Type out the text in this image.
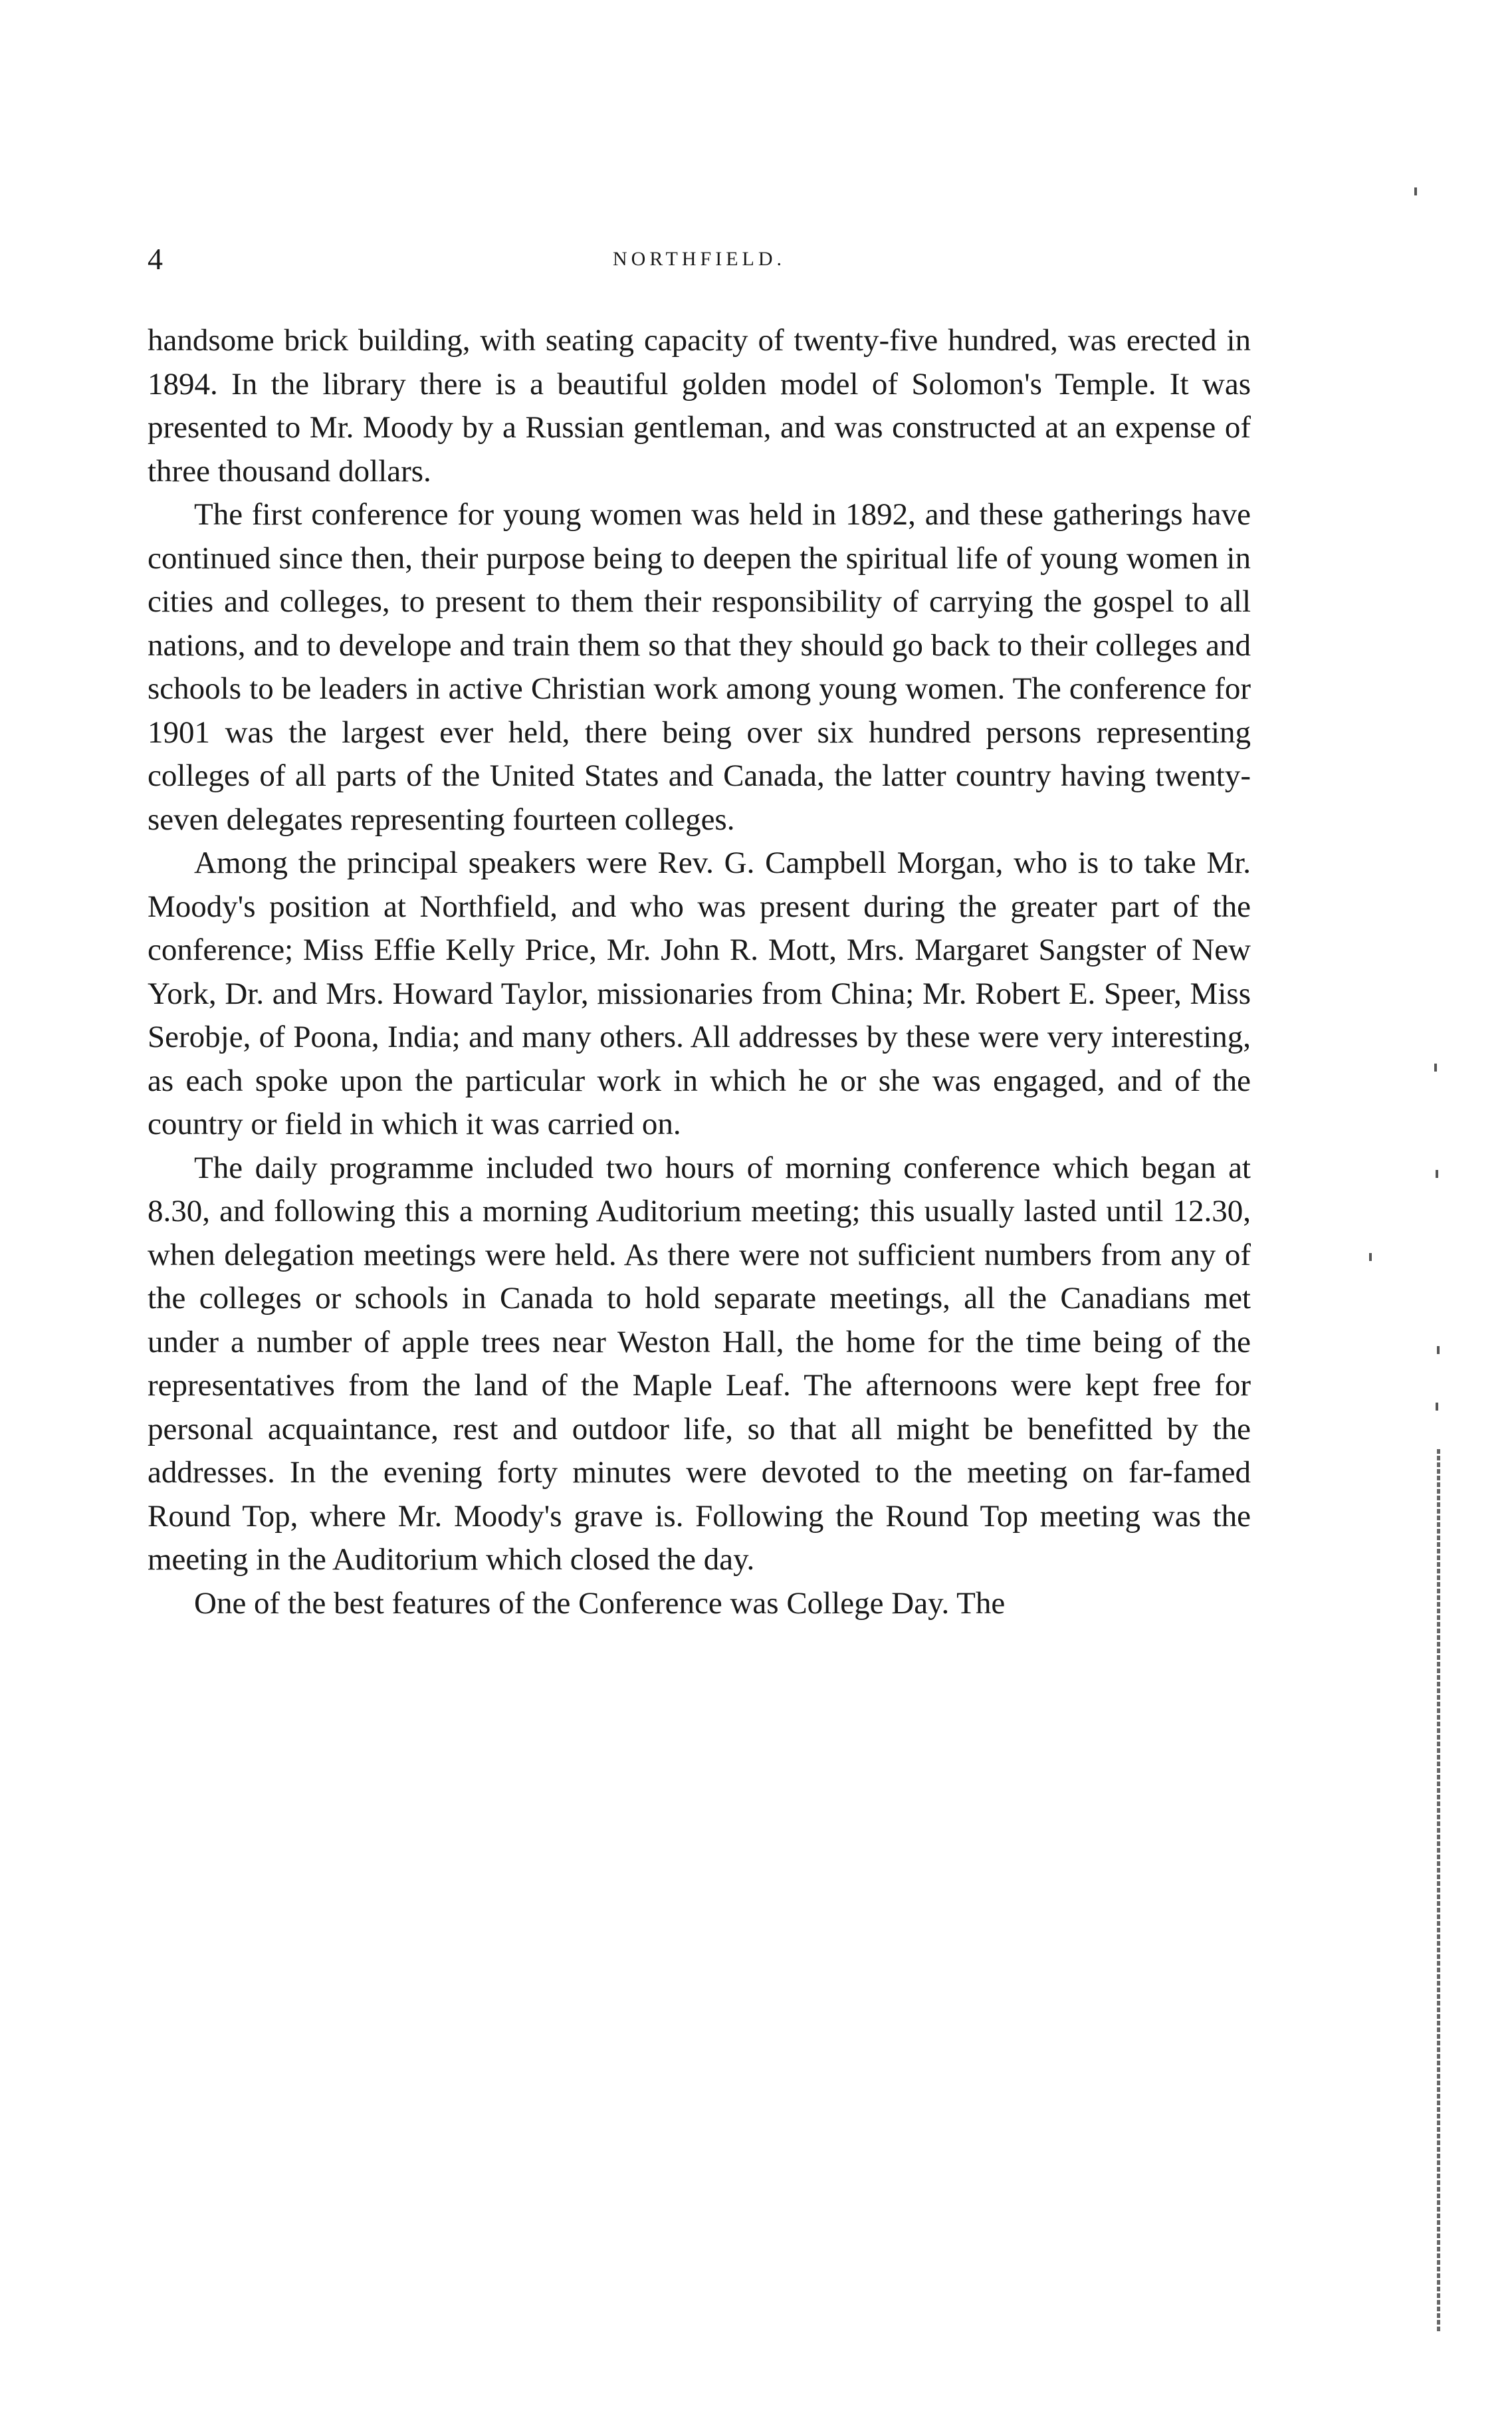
4	NORTHFIELD.

handsome brick building, with seating capacity of twenty-five hundred, was erected in 1894. In the library there is a beautiful golden model of Solomon's Temple. It was presented to Mr. Moody by a Russian gentleman, and was constructed at an expense of three thousand dollars.

The first conference for young women was held in 1892, and these gatherings have continued since then, their purpose being to deepen the spiritual life of young women in cities and colleges, to present to them their responsibility of carrying the gospel to all nations, and to develope and train them so that they should go back to their colleges and schools to be leaders in active Christian work among young women. The conference for 1901 was the largest ever held, there being over six hundred persons representing colleges of all parts of the United States and Canada, the latter country having twenty-seven delegates representing fourteen colleges.

Among the principal speakers were Rev. G. Campbell Morgan, who is to take Mr. Moody's position at Northfield, and who was present during the greater part of the conference; Miss Effie Kelly Price, Mr. John R. Mott, Mrs. Margaret Sangster of New York, Dr. and Mrs. Howard Taylor, missionaries from China; Mr. Robert E. Speer, Miss Serobje, of Poona, India; and many others. All addresses by these were very interesting, as each spoke upon the particular work in which he or she was engaged, and of the country or field in which it was carried on.

The daily programme included two hours of morning conference which began at 8.30, and following this a morning Auditorium meeting; this usually lasted until 12.30, when delegation meetings were held. As there were not sufficient numbers from any of the colleges or schools in Canada to hold separate meetings, all the Canadians met under a number of apple trees near Weston Hall, the home for the time being of the representatives from the land of the Maple Leaf. The afternoons were kept free for personal acquaintance, rest and outdoor life, so that all might be benefitted by the addresses. In the evening forty minutes were devoted to the meeting on far-famed Round Top, where Mr. Moody's grave is. Following the Round Top meeting was the meeting in the Auditorium which closed the day.

One of the best features of the Conference was College Day. The
